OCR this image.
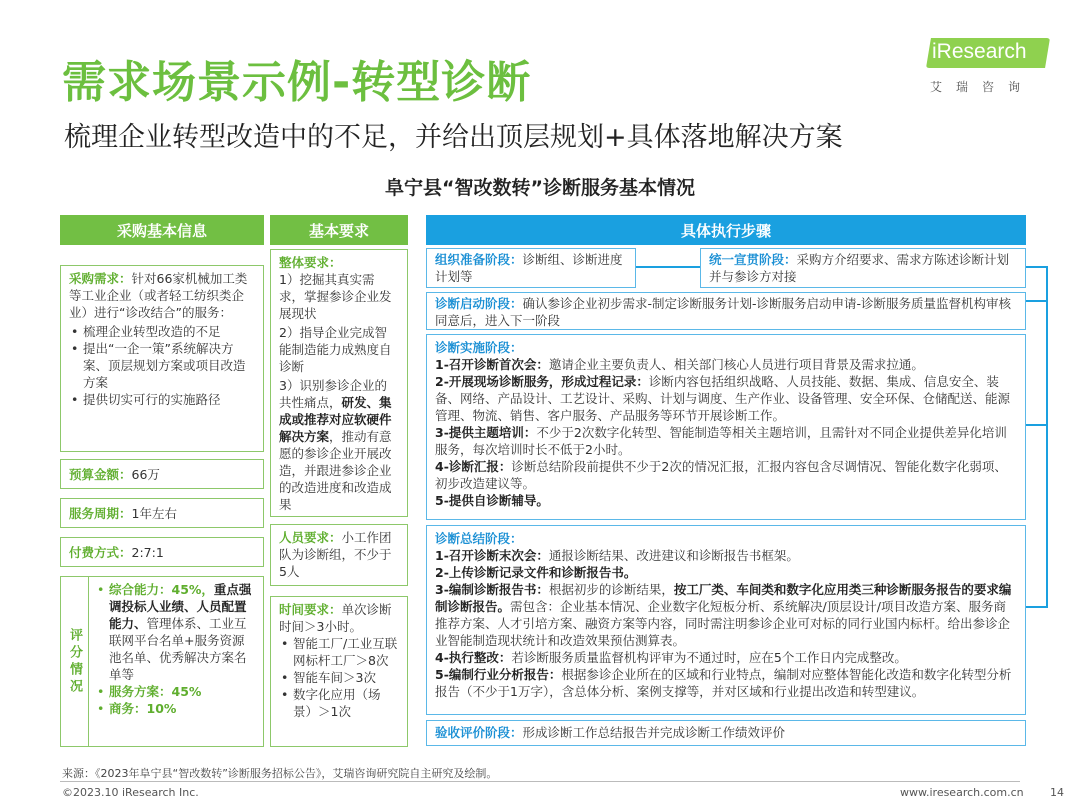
需求场景示例-转型诊断
梳理企业转型改造中的不足，并给出顶层规划+具体落地解决方案
iResearch
艾瑞咨询
阜宁县“智改数转”诊断服务基本情况
采购基本信息	基本要求	具体执行步骤
采购需求：针对66家机械加工类等工业企业（或者轻工纺织类企业）进行“诊改结合”的服务：
• 梳理企业转型改造的不足
• 提出“一企一策”系统解决方案、顶层规划方案或项目改造方案
• 提供切实可行的实施路径
预算金额：66万
服务周期：1年左右
付费方式：2:7:1
评分情况
• 综合能力：45%，重点强调投标人业绩、人员配置能力、管理体系、工业互联网平台名单+服务资源池名单、优秀解决方案名单等
• 服务方案：45%
• 商务：10%
整体要求：
1）挖掘其真实需求，掌握参诊企业发展现状
2）指导企业完成智能制造能力成熟度自诊断
3）识别参诊企业的共性痛点，研发、集成或推荐对应软硬件解决方案，推动有意愿的参诊企业开展改造，并跟进参诊企业的改造进度和改造成果
人员要求：小工作团队为诊断组，不少于5人
时间要求：单次诊断时间＞3小时。
• 智能工厂/工业互联网标杆工厂＞8次
• 智能车间＞3次
• 数字化应用（场景）＞1次
组织准备阶段：诊断组、诊断进度计划等
统一宣贯阶段：采购方介绍要求、需求方陈述诊断计划并与参诊方对接
诊断启动阶段：确认参诊企业初步需求-制定诊断服务计划-诊断服务启动申请-诊断服务质量监督机构审核同意后，进入下一阶段
诊断实施阶段：
1-召开诊断首次会：邀请企业主要负责人、相关部门核心人员进行项目背景及需求拉通。
2-开展现场诊断服务，形成过程记录：诊断内容包括组织战略、人员技能、数据、集成、信息安全、装备、网络、产品设计、工艺设计、采购、计划与调度、生产作业、设备管理、安全环保、仓储配送、能源管理、物流、销售、客户服务、产品服务等环节开展诊断工作。
3-提供主题培训：不少于2次数字化转型、智能制造等相关主题培训，且需针对不同企业提供差异化培训服务，每次培训时长不低于2小时。
4-诊断汇报：诊断总结阶段前提供不少于2次的情况汇报，汇报内容包含尽调情况、智能化数字化弱项、初步改造建议等。
5-提供自诊断辅导。
诊断总结阶段：
1-召开诊断末次会：通报诊断结果、改进建议和诊断报告书框架。
2-上传诊断记录文件和诊断报告书。
3-编制诊断报告书：根据初步的诊断结果，按工厂类、车间类和数字化应用类三种诊断服务报告的要求编制诊断报告。需包含：企业基本情况、企业数字化短板分析、系统解决/顶层设计/项目改造方案、服务商推荐方案、人才引培方案、融资方案等内容，同时需注明参诊企业可对标的同行业国内标杆。给出参诊企业智能制造现状统计和改造效果预估测算表。
4-执行整改：若诊断服务质量监督机构评审为不通过时，应在5个工作日内完成整改。
5-编制行业分析报告：根据参诊企业所在的区域和行业特点，编制对应整体智能化改造和数字化转型分析报告（不少于1万字），含总体分析、案例支撑等，并对区域和行业提出改造和转型建议。
验收评价阶段：形成诊断工作总结报告并完成诊断工作绩效评价
来源：《2023年阜宁县“智改数转”诊断服务招标公告》，艾瑞咨询研究院自主研究及绘制。
©2023.10 iResearch Inc.	www.iresearch.com.cn 14
